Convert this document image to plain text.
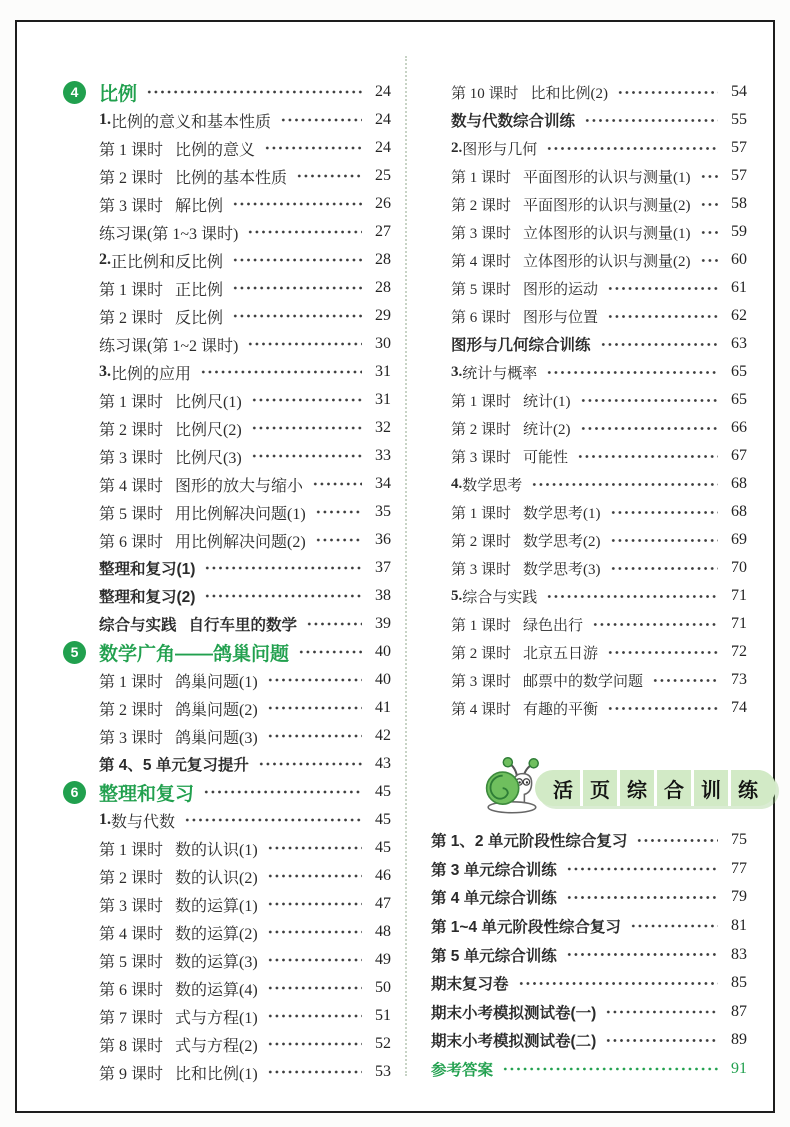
4	比例	24
1. 比例的意义和基本性质	24
第 1 课时 比例的意义	24
第 2 课时 比例的基本性质	25
第 3 课时 解比例	26
练习课(第 1~3 课时)	27
2. 正比例和反比例	28
第 1 课时 正比例	28
第 2 课时 反比例	29
练习课(第 1~2 课时)	30
3. 比例的应用	31
第 1 课时 比例尺(1)	31
第 2 课时 比例尺(2)	32
第 3 课时 比例尺(3)	33
第 4 课时 图形的放大与缩小	34
第 5 课时 用比例解决问题(1)	35
第 6 课时 用比例解决问题(2)	36
整理和复习(1)	37
整理和复习(2)	38
综合与实践 自行车里的数学	39
5	数学广角——鸽巢问题	40
第 1 课时 鸽巢问题(1)	40
第 2 课时 鸽巢问题(2)	41
第 3 课时 鸽巢问题(3)	42
第 4、5 单元复习提升	43
6	整理和复习	45
1. 数与代数	45
第 1 课时 数的认识(1)	45
第 2 课时 数的认识(2)	46
第 3 课时 数的运算(1)	47
第 4 课时 数的运算(2)	48
第 5 课时 数的运算(3)	49
第 6 课时 数的运算(4)	50
第 7 课时 式与方程(1)	51
第 8 课时 式与方程(2)	52
第 9 课时 比和比例(1)	53
第 10 课时 比和比例(2)	54
数与代数综合训练	55
2. 图形与几何	57
第 1 课时 平面图形的认识与测量(1)	57
第 2 课时 平面图形的认识与测量(2)	58
第 3 课时 立体图形的认识与测量(1)	59
第 4 课时 立体图形的认识与测量(2)	60
第 5 课时 图形的运动	61
第 6 课时 图形与位置	62
图形与几何综合训练	63
3. 统计与概率	65
第 1 课时 统计(1)	65
第 2 课时 统计(2)	66
第 3 课时 可能性	67
4. 数学思考	68
第 1 课时 数学思考(1)	68
第 2 课时 数学思考(2)	69
第 3 课时 数学思考(3)	70
5. 综合与实践	71
第 1 课时 绿色出行	71
第 2 课时 北京五日游	72
第 3 课时 邮票中的数学问题	73
第 4 课时 有趣的平衡	74
活 页 综 合 训 练
第 1、2 单元阶段性综合复习	75
第 3 单元综合训练	77
第 4 单元综合训练	79
第 1~4 单元阶段性综合复习	81
第 5 单元综合训练	83
期末复习卷	85
期末小考模拟测试卷(一)	87
期末小考模拟测试卷(二)	89
参考答案	91
